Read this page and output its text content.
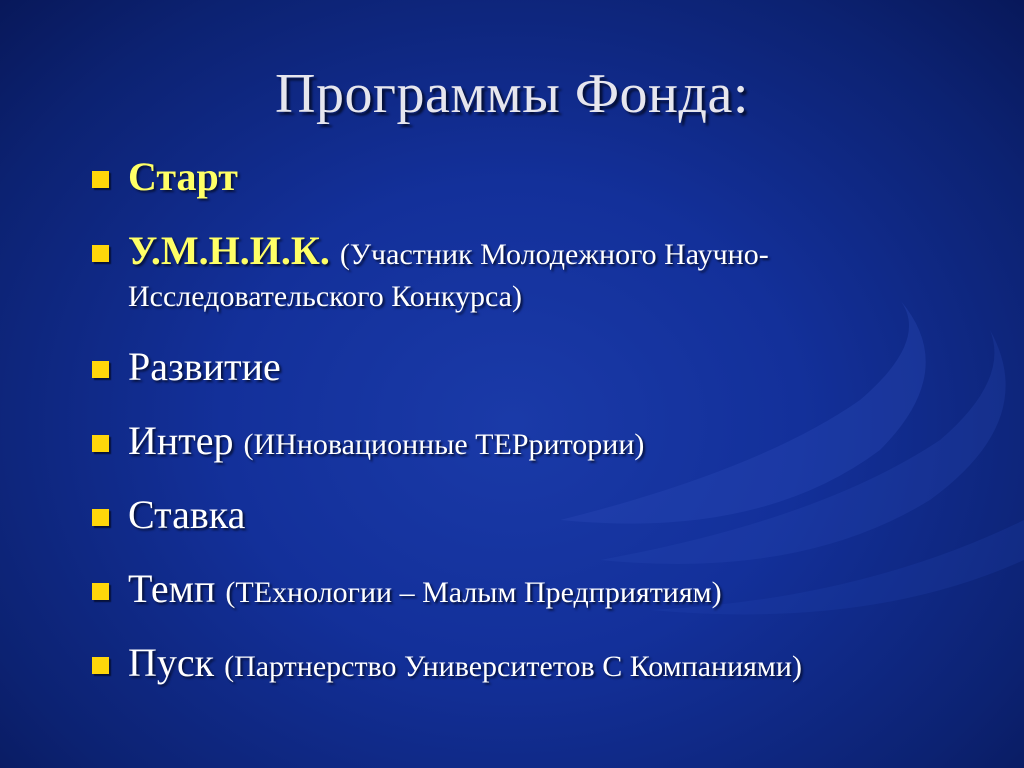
Программы Фонда:
Старт
У.М.Н.И.К. (Участник Молодежного Научно-
Исследовательского Конкурса)
Развитие
Интер (ИНновационные ТЕРритории)
Ставка
Темп (ТЕхнологии – Малым Предприятиям)
Пуск (Партнерство Университетов С Компаниями)
